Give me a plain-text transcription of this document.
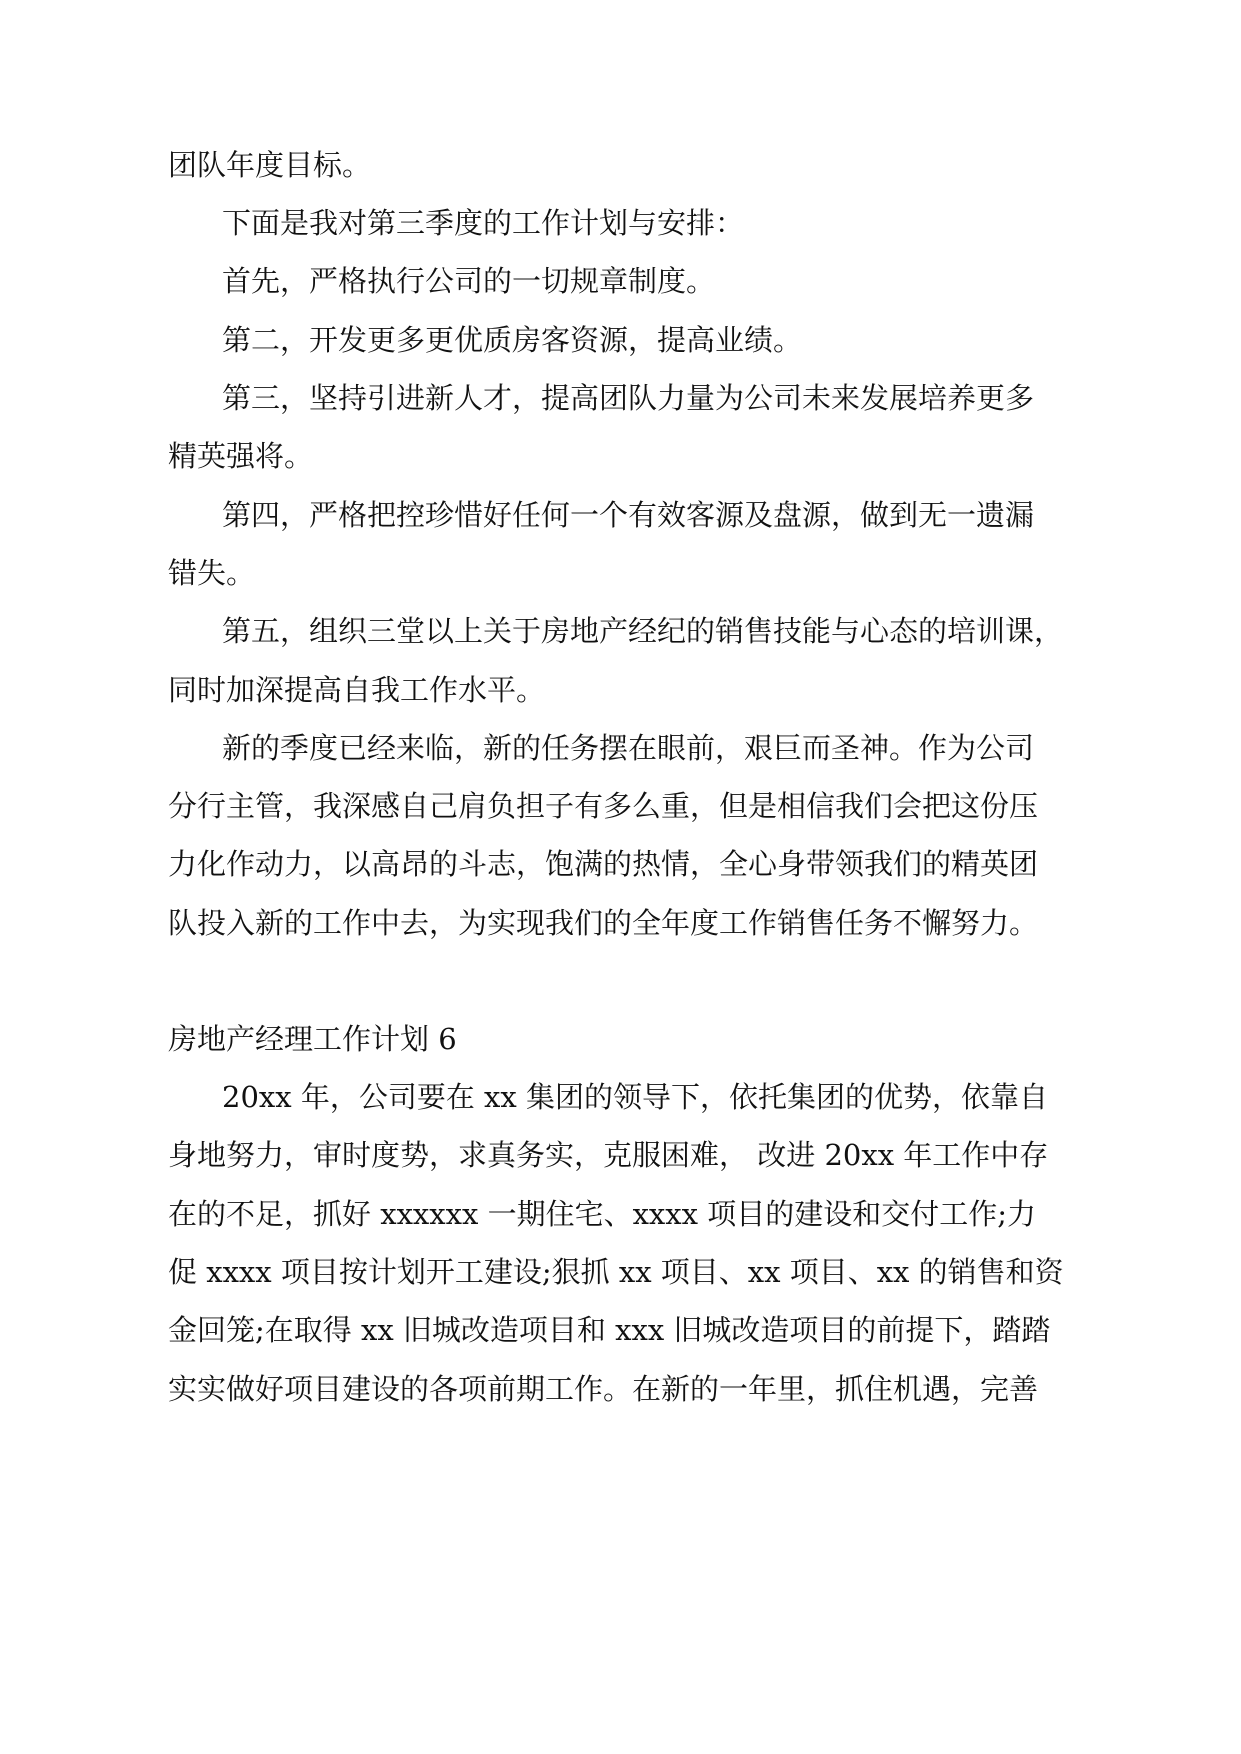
团队年度目标。
下面是我对第三季度的工作计划与安排：
首先，严格执行公司的一切规章制度。
第二，开发更多更优质房客资源，提高业绩。
第三，坚持引进新人才，提高团队力量为公司未来发展培养更多
精英强将。
第四，严格把控珍惜好任何一个有效客源及盘源，做到无一遗漏
错失。
第五，组织三堂以上关于房地产经纪的销售技能与心态的培训课，
同时加深提高自我工作水平。
新的季度已经来临，新的任务摆在眼前，艰巨而圣神。作为公司
分行主管，我深感自己肩负担子有多么重，但是相信我们会把这份压
力化作动力，以高昂的斗志，饱满的热情，全心身带领我们的精英团
队投入新的工作中去，为实现我们的全年度工作销售任务不懈努力。
房地产经理工作计划 6
20xx 年，公司要在 xx 集团的领导下，依托集团的优势，依靠自
身地努力，审时度势，求真务实，克服困难， 改进 20xx 年工作中存
在的不足，抓好 xxxxxx 一期住宅、xxxx 项目的建设和交付工作;力
促 xxxx 项目按计划开工建设;狠抓 xx 项目、xx 项目、xx 的销售和资
金回笼;在取得 xx 旧城改造项目和 xxx 旧城改造项目的前提下，踏踏
实实做好项目建设的各项前期工作。在新的一年里，抓住机遇，完善
